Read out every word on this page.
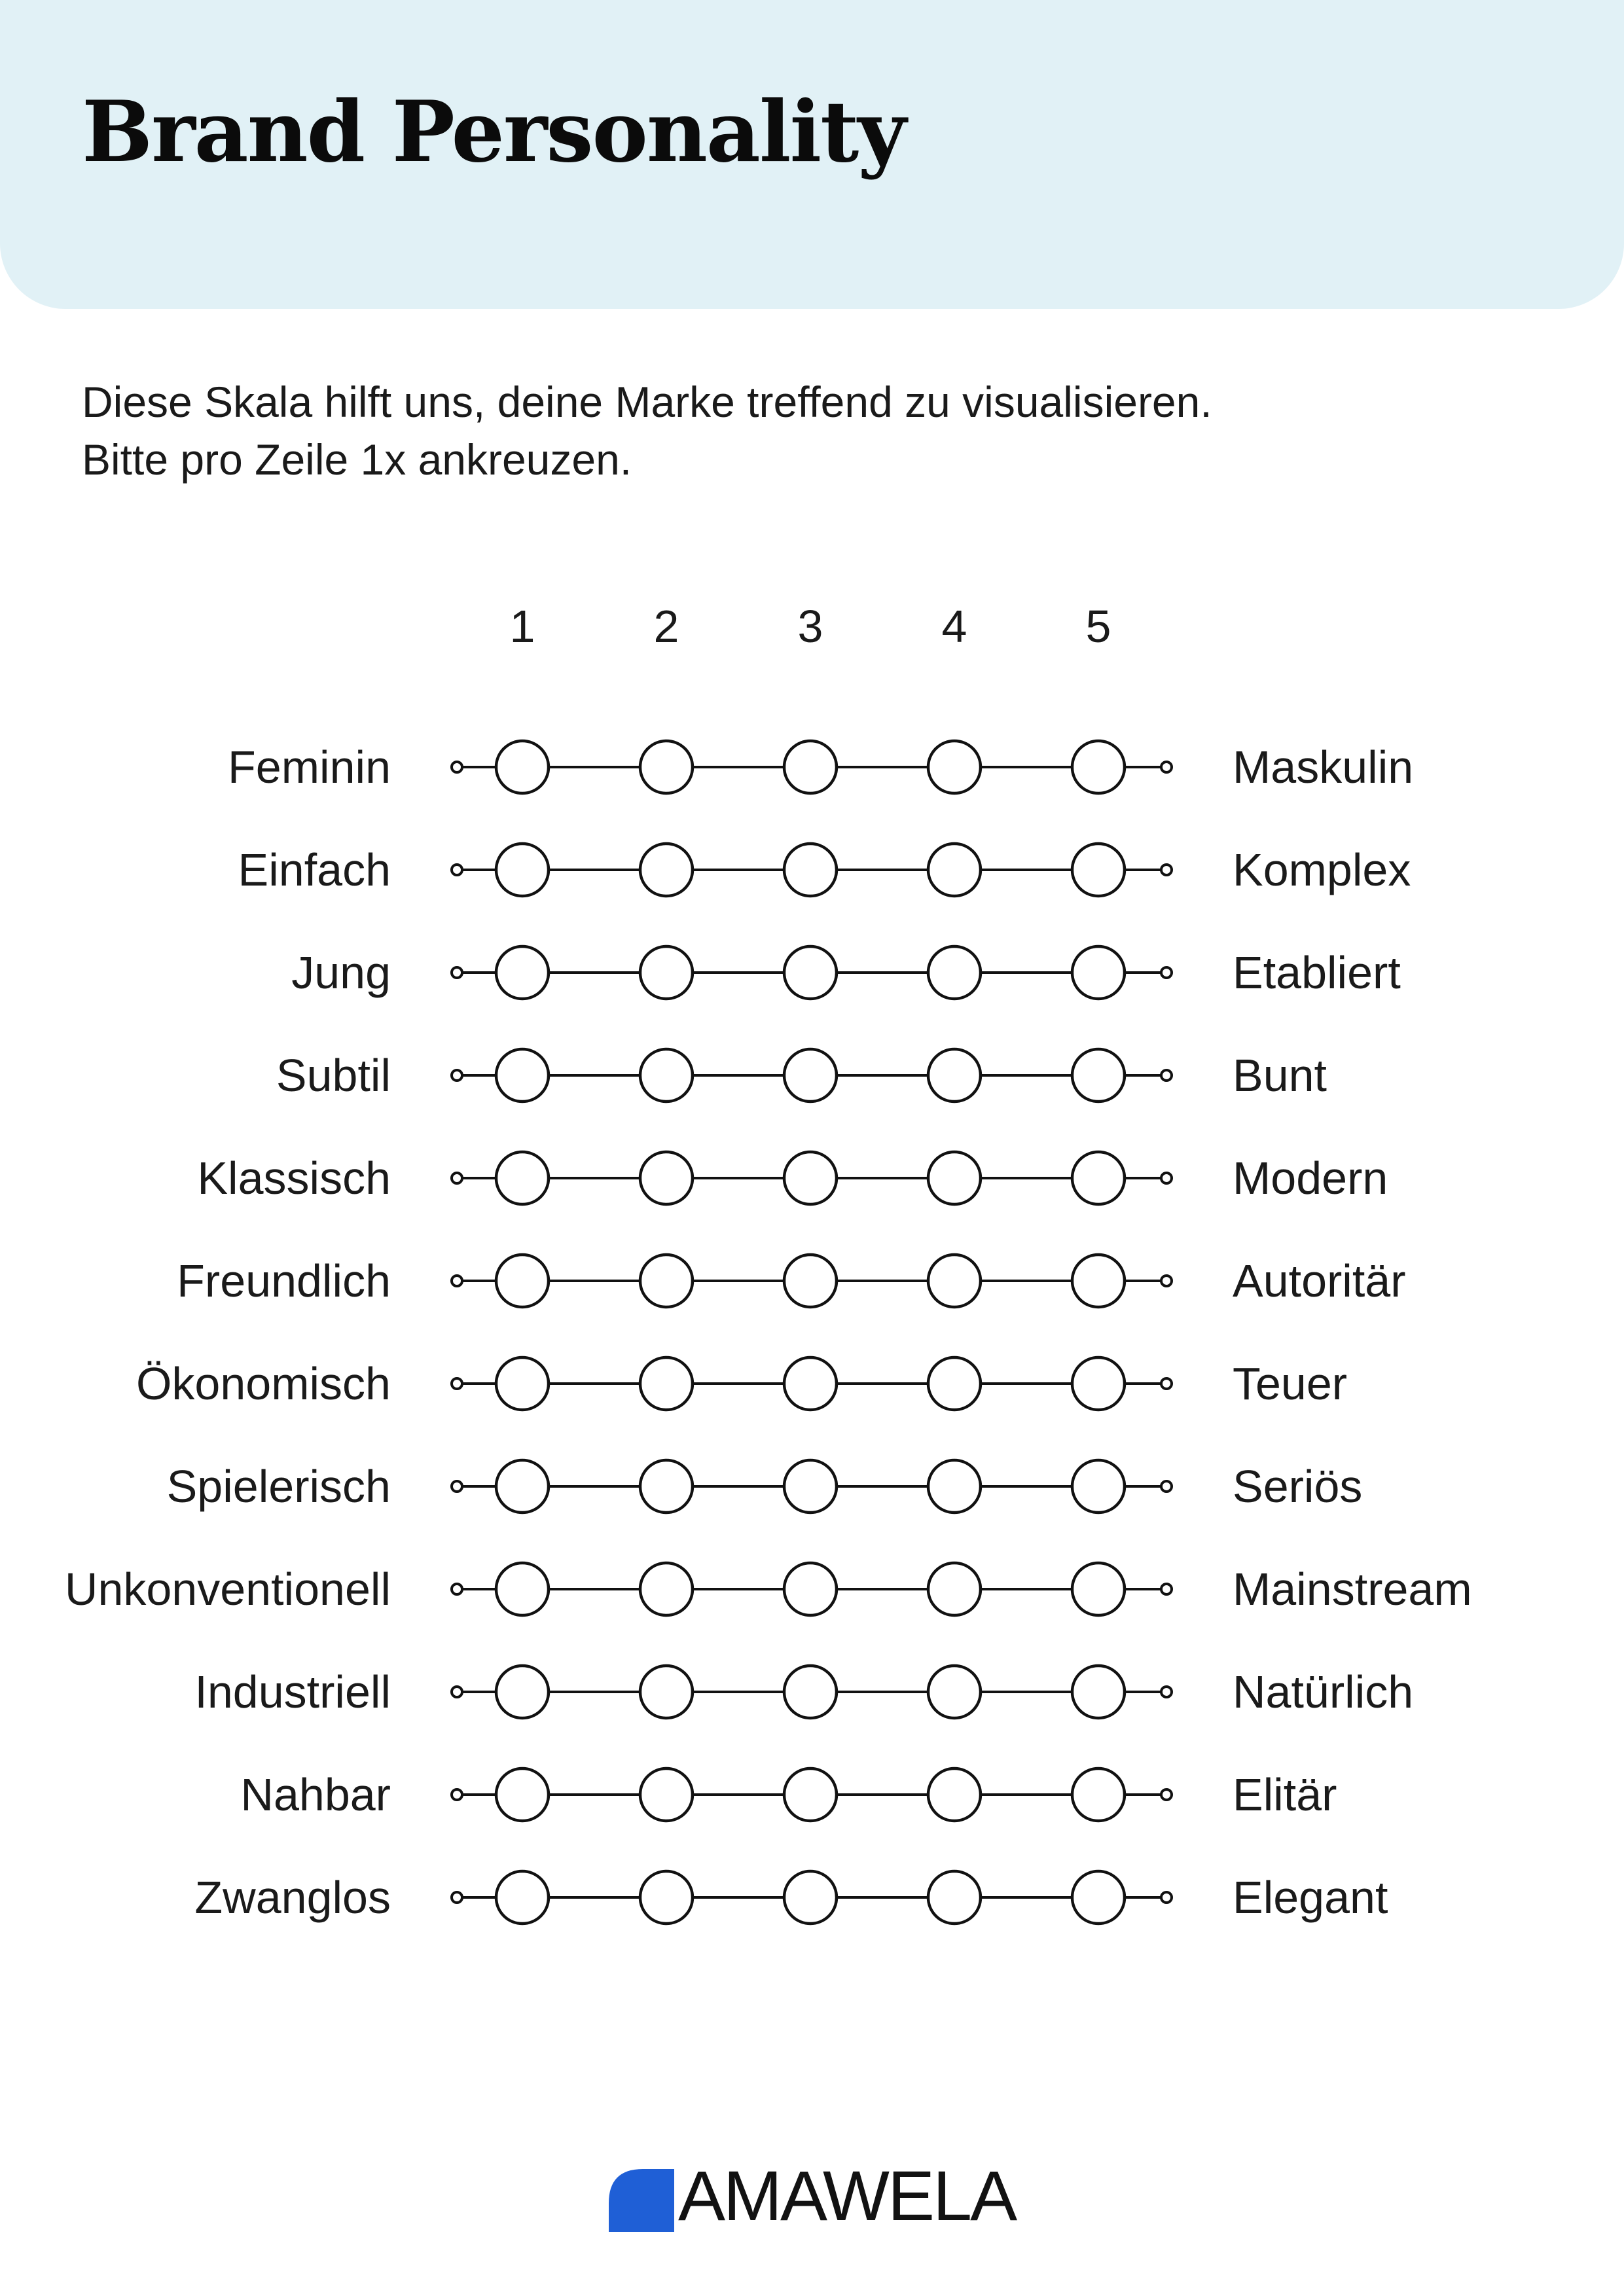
Brand Personality
Diese Skala hilft uns, deine Marke treffend zu visualisieren.
Bitte pro Zeile 1x ankreuzen.
1	2	3	4	5
Feminin	Maskulin
Einfach	Komplex
Jung	Etabliert
Subtil	Bunt
Klassisch	Modern
Freundlich	Autoritär
Ökonomisch	Teuer
Spielerisch	Seriös
Unkonventionell	Mainstream
Industriell	Natürlich
Nahbar	Elitär
Zwanglos	Elegant
AMAWELA
